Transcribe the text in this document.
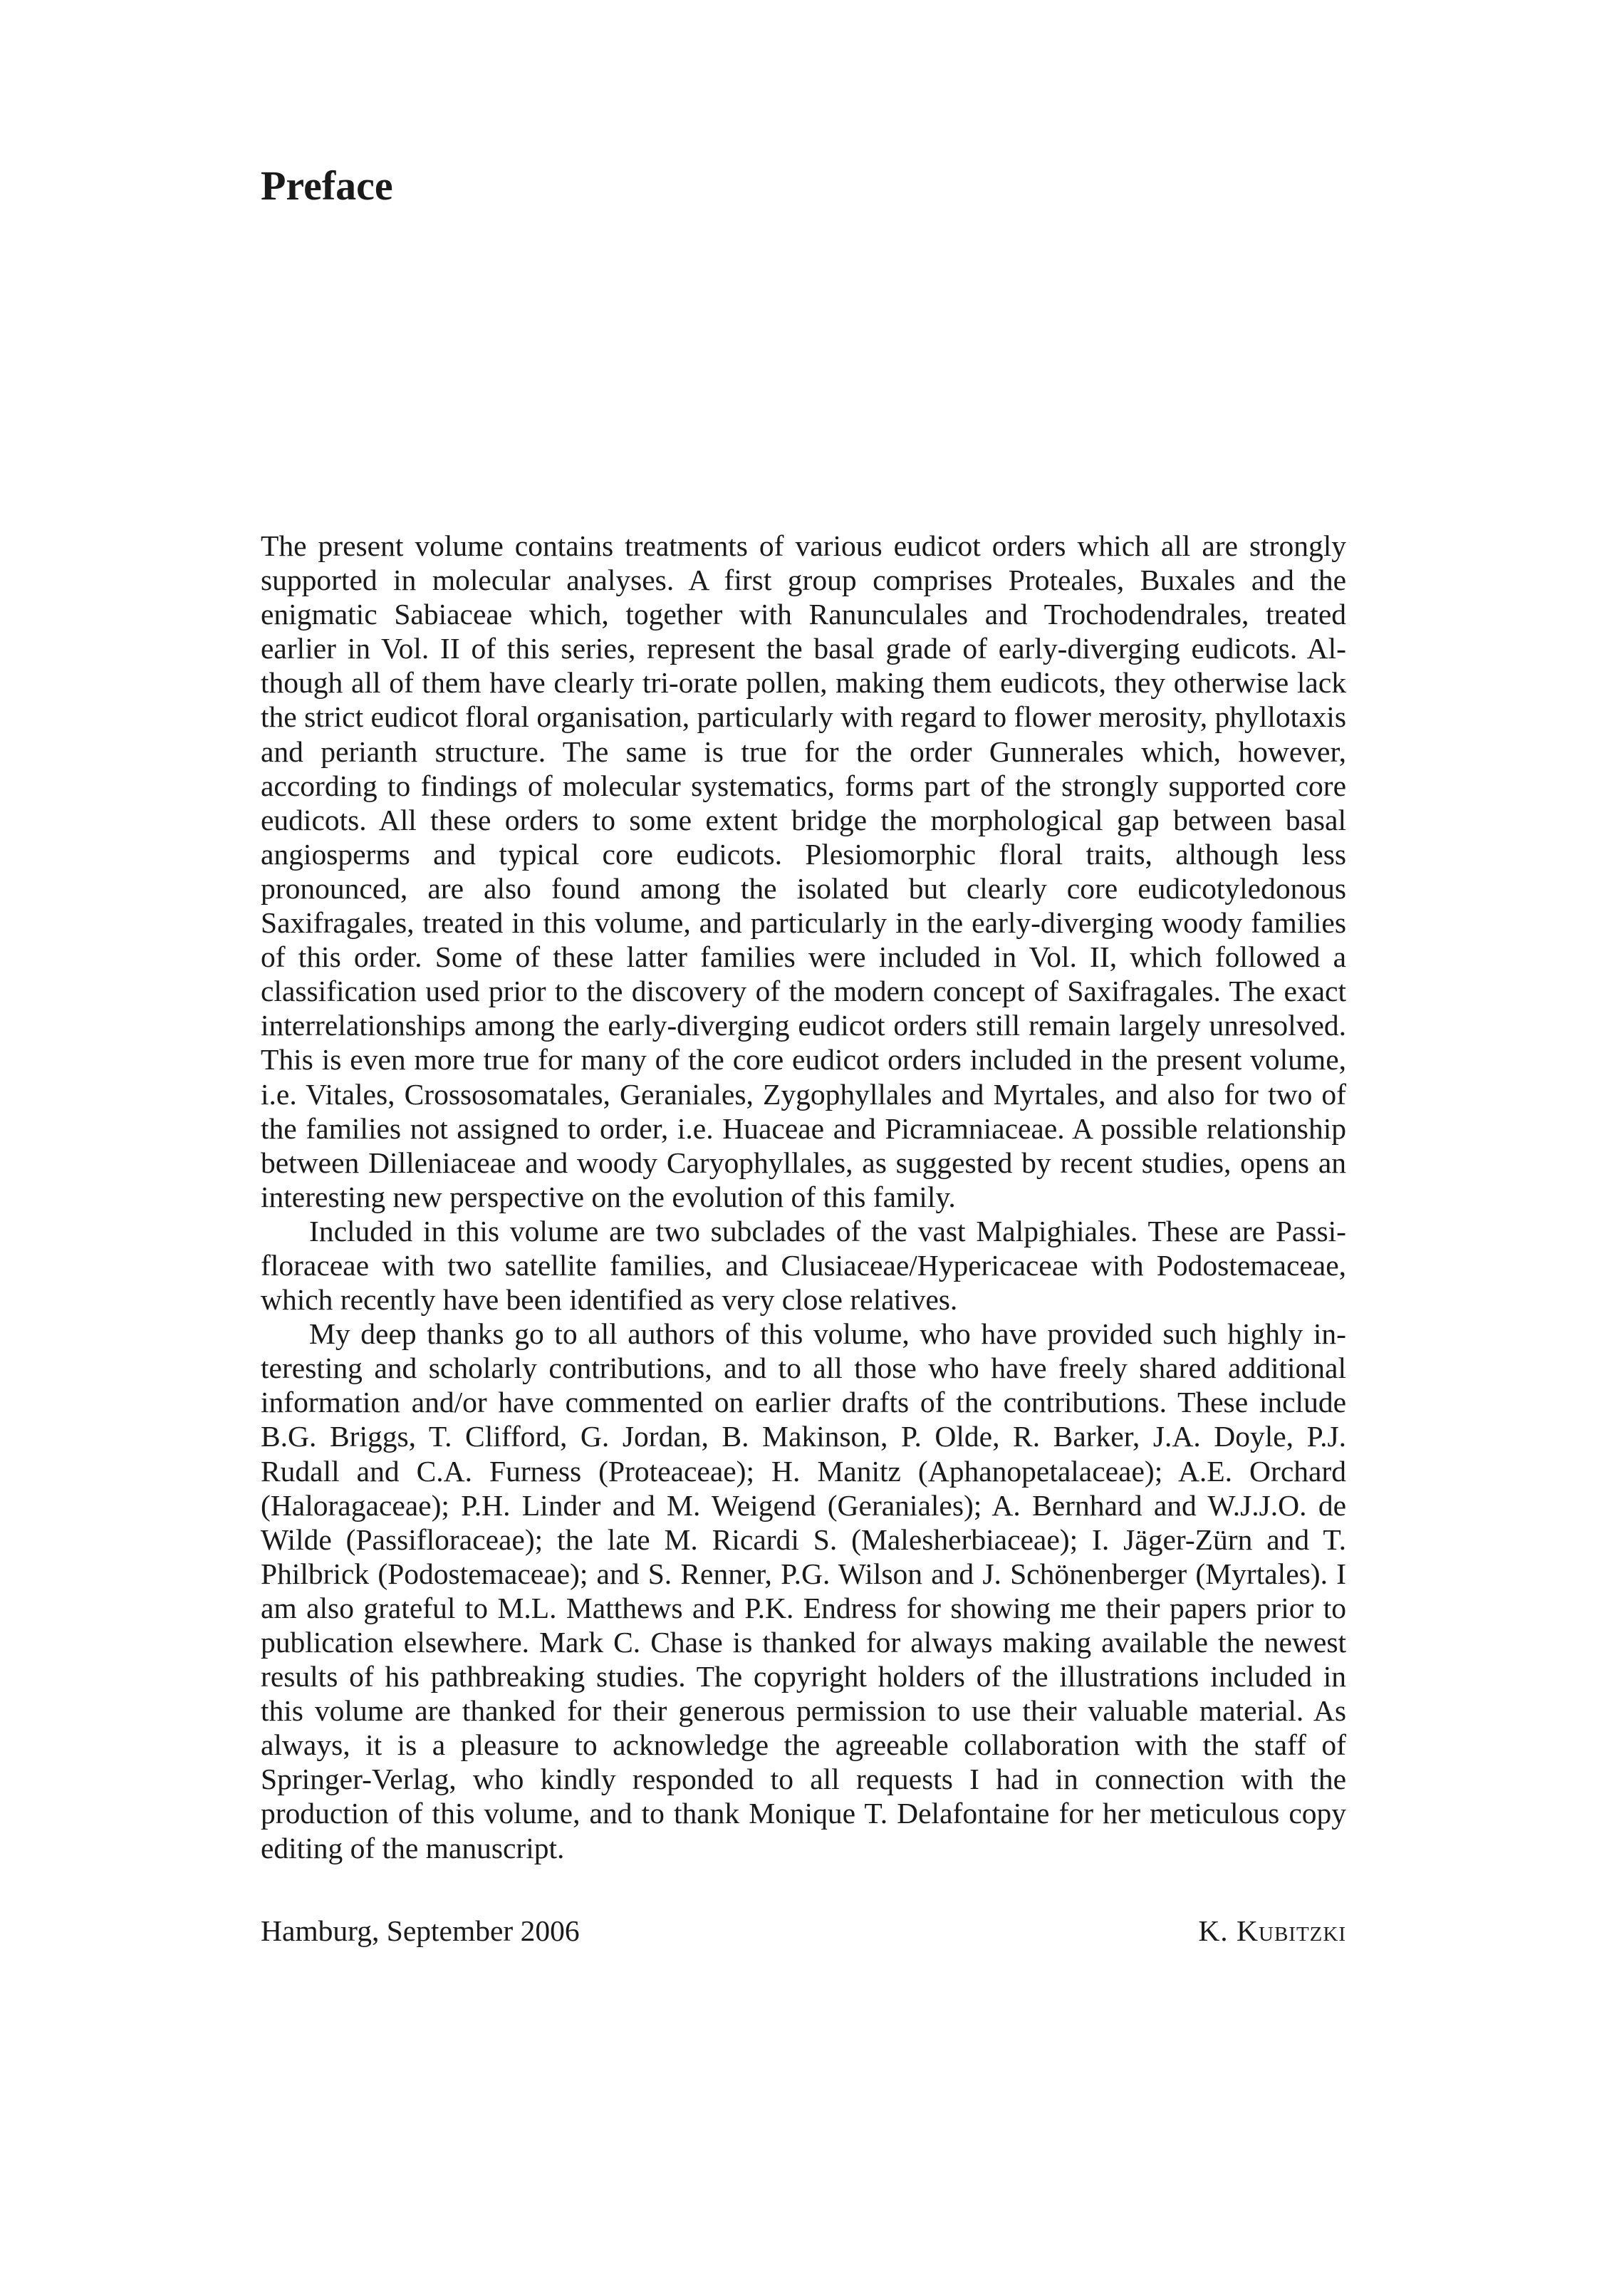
Preface

The present volume contains treatments of various eudicot orders which all are strongly supported in molecular analyses. A first group comprises Proteales, Buxales and the enigmatic Sabiaceae which, together with Ranunculales and Trochodendrales, treated earlier in Vol. II of this series, represent the basal grade of early-diverging eudicots. Although all of them have clearly tri-orate pollen, making them eudicots, they otherwise lack the strict eudicot floral organisation, particularly with regard to flower merosity, phyllotaxis and perianth structure. The same is true for the order Gunnerales which, however, according to findings of molecular systematics, forms part of the strongly supported core eudicots. All these orders to some extent bridge the morphological gap between basal angiosperms and typical core eudicots. Plesiomorphic floral traits, although less pronounced, are also found among the isolated but clearly core eudicotyledonous Saxifragales, treated in this volume, and particularly in the early-diverging woody families of this order. Some of these latter families were included in Vol. II, which followed a classification used prior to the discovery of the modern concept of Saxifragales. The exact interrelationships among the early-diverging eudicot orders still remain largely unresolved. This is even more true for many of the core eudicot orders included in the present volume, i.e. Vitales, Crossosomatales, Geraniales, Zygophyllales and Myrtales, and also for two of the families not assigned to order, i.e. Huaceae and Picramniaceae. A possible relationship between Dilleniaceae and woody Caryophyllales, as suggested by recent studies, opens an interesting new perspective on the evolution of this family.

Included in this volume are two subclades of the vast Malpighiales. These are Passifloraceae with two satellite families, and Clusiaceae/Hypericaceae with Podostemaceae, which recently have been identified as very close relatives.

My deep thanks go to all authors of this volume, who have provided such highly interesting and scholarly contributions, and to all those who have freely shared additional information and/or have commented on earlier drafts of the contributions. These include B.G. Briggs, T. Clifford, G. Jordan, B. Makinson, P. Olde, R. Barker, J.A. Doyle, P.J. Rudall and C.A. Furness (Proteaceae); H. Manitz (Aphanopetalaceae); A.E. Orchard (Haloragaceae); P.H. Linder and M. Weigend (Geraniales); A. Bernhard and W.J.J.O. de Wilde (Passifloraceae); the late M. Ricardi S. (Malesherbiaceae); I. Jäger-Zürn and T. Philbrick (Podostemaceae); and S. Renner, P.G. Wilson and J. Schönenberger (Myrtales). I am also grateful to M.L. Matthews and P.K. Endress for showing me their papers prior to publication elsewhere. Mark C. Chase is thanked for always making available the newest results of his pathbreaking studies. The copyright holders of the illustrations included in this volume are thanked for their generous permission to use their valuable material. As always, it is a pleasure to acknowledge the agreeable collaboration with the staff of Springer-Verlag, who kindly responded to all requests I had in connection with the production of this volume, and to thank Monique T. Delafontaine for her meticulous copy editing of the manuscript.

Hamburg, September 2006	K. Kubitzki
